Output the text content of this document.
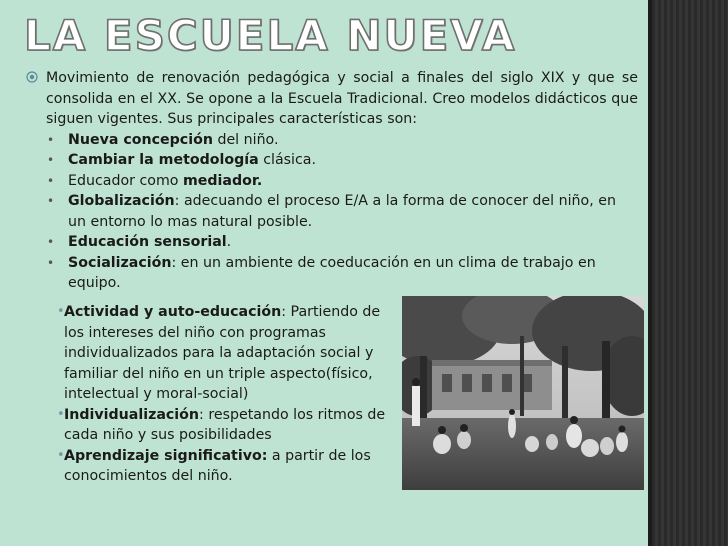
LA ESCUELA NUEVA
Movimiento de renovación pedagógica y social a finales del siglo XIX y que se consolida en el XX. Se opone a la Escuela Tradicional. Creo modelos didácticos que siguen vigentes. Sus principales características son:
• Nueva concepción del niño.
• Cambiar la metodología clásica.
• Educador como mediador.
• Globalización: adecuando el proceso E/A a la forma de conocer del niño, en un entorno lo mas natural posible.
• Educación sensorial.
• Socialización: en un ambiente de coeducación en un clima de trabajo en equipo.
• Actividad y auto-educación: Partiendo de los intereses del niño con programas individualizados para la adaptación social y familiar del niño en un triple aspecto(físico, intelectual y moral-social)
• Individualización: respetando los ritmos de cada niño y sus posibilidades
• Aprendizaje significativo: a partir de los conocimientos del niño.
